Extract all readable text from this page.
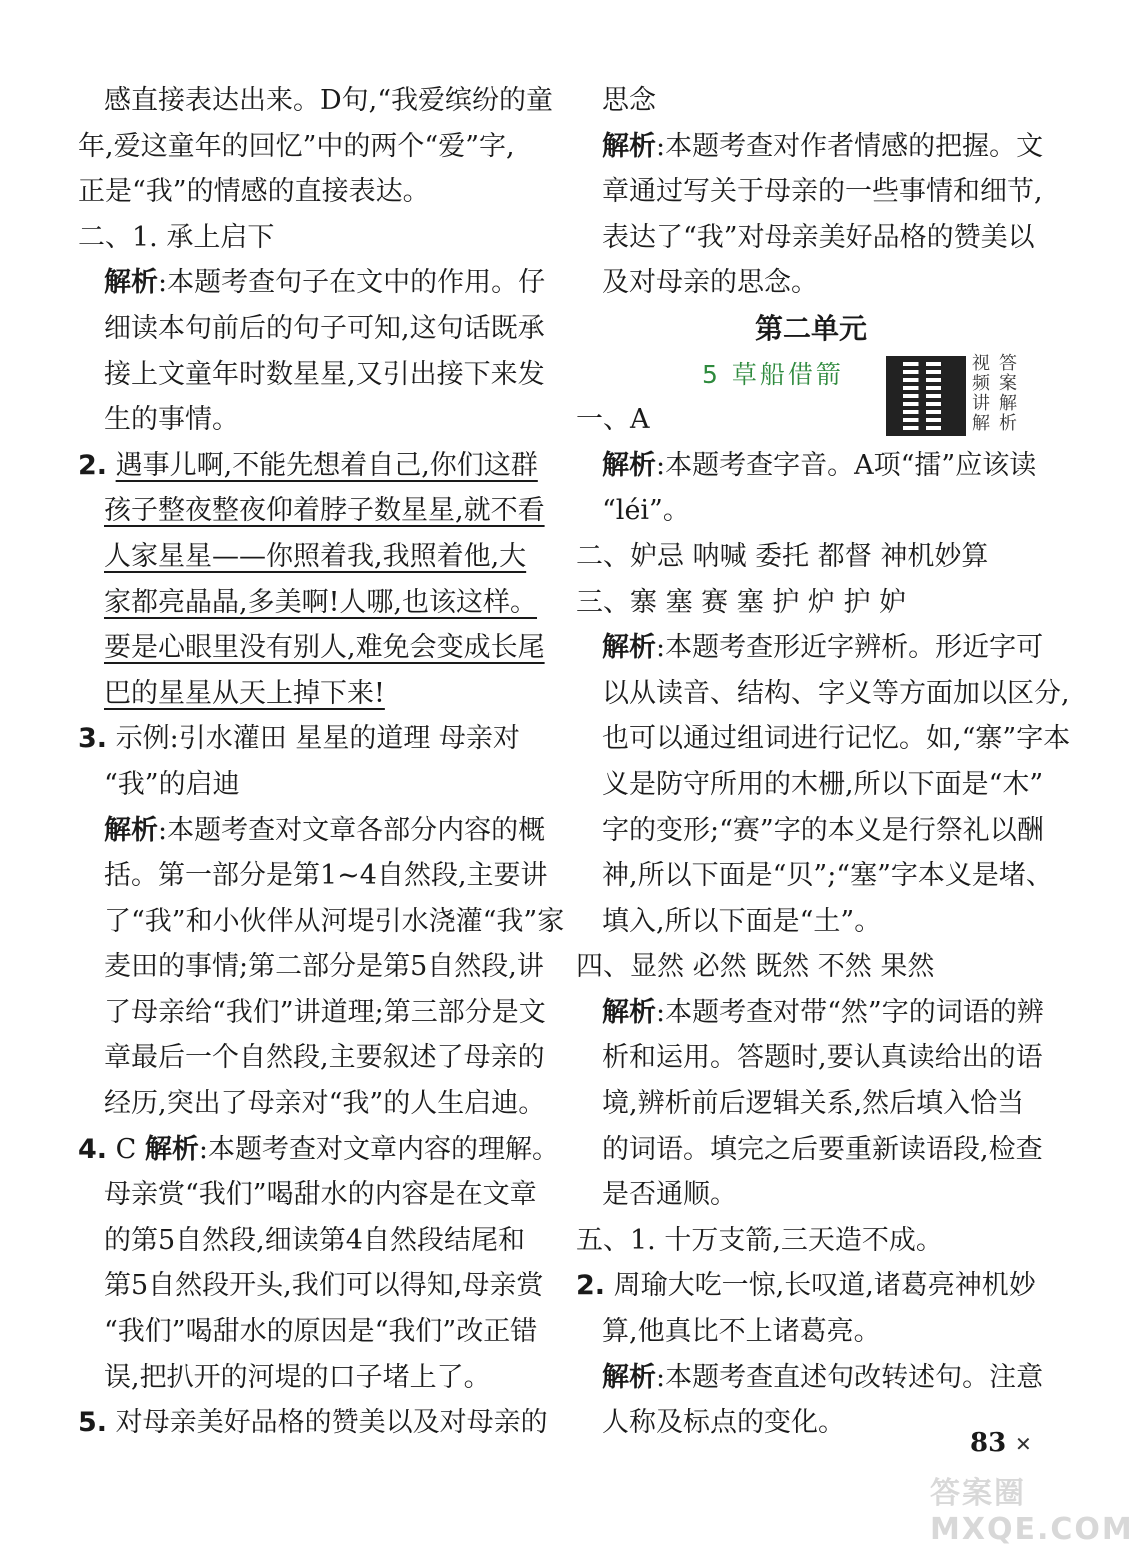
感直接表达出来。D句,“我爱缤纷的童
年,爱这童年的回忆”中的两个“爱”字,
正是“我”的情感的直接表达。
二、1. 承上启下
解析:本题考查句子在文中的作用。仔
细读本句前后的句子可知,这句话既承
接上文童年时数星星,又引出接下来发
生的事情。
2. 遇事儿啊,不能先想着自己,你们这群
孩子整夜整夜仰着脖子数星星,就不看
人家星星——你照着我,我照着他,大
家都亮晶晶,多美啊!人哪,也该这样。
要是心眼里没有别人,难免会变成长尾
巴的星星从天上掉下来!
3. 示例:引水灌田 星星的道理 母亲对
“我”的启迪
解析:本题考查对文章各部分内容的概
括。第一部分是第1~4自然段,主要讲
了“我”和小伙伴从河堤引水浇灌“我”家
麦田的事情;第二部分是第5自然段,讲
了母亲给“我们”讲道理;第三部分是文
章最后一个自然段,主要叙述了母亲的
经历,突出了母亲对“我”的人生启迪。
4. C 解析:本题考查对文章内容的理解。
母亲赏“我们”喝甜水的内容是在文章
的第5自然段,细读第4自然段结尾和
第5自然段开头,我们可以得知,母亲赏
“我们”喝甜水的原因是“我们”改正错
误,把扒开的河堤的口子堵上了。
5. 对母亲美好品格的赞美以及对母亲的
思念
解析:本题考查对作者情感的把握。文
章通过写关于母亲的一些事情和细节,
表达了“我”对母亲美好品格的赞美以
及对母亲的思念。
第二单元
5 草船借箭	视
频
讲
解
答
案
解
析
一、A
解析:本题考查字音。A项“擂”应该读
“léi”。
二、妒忌 呐喊 委托 都督 神机妙算
三、寨 塞 赛 塞 护 炉 护 妒
解析:本题考查形近字辨析。形近字可
以从读音、结构、字义等方面加以区分,
也可以通过组词进行记忆。如,“寨”字本
义是防守所用的木栅,所以下面是“木”
字的变形;“赛”字的本义是行祭礼以酬
神,所以下面是“贝”;“塞”字本义是堵、
填入,所以下面是“土”。
四、显然 必然 既然 不然 果然
解析:本题考查对带“然”字的词语的辨
析和运用。答题时,要认真读给出的语
境,辨析前后逻辑关系,然后填入恰当
的词语。填完之后要重新读语段,检查
是否通顺。
五、1. 十万支箭,三天造不成。
2. 周瑜大吃一惊,长叹道,诸葛亮神机妙
算,他真比不上诸葛亮。
解析:本题考查直述句改转述句。注意
人称及标点的变化。
83 ✕
答案圈 MXQE.COM
